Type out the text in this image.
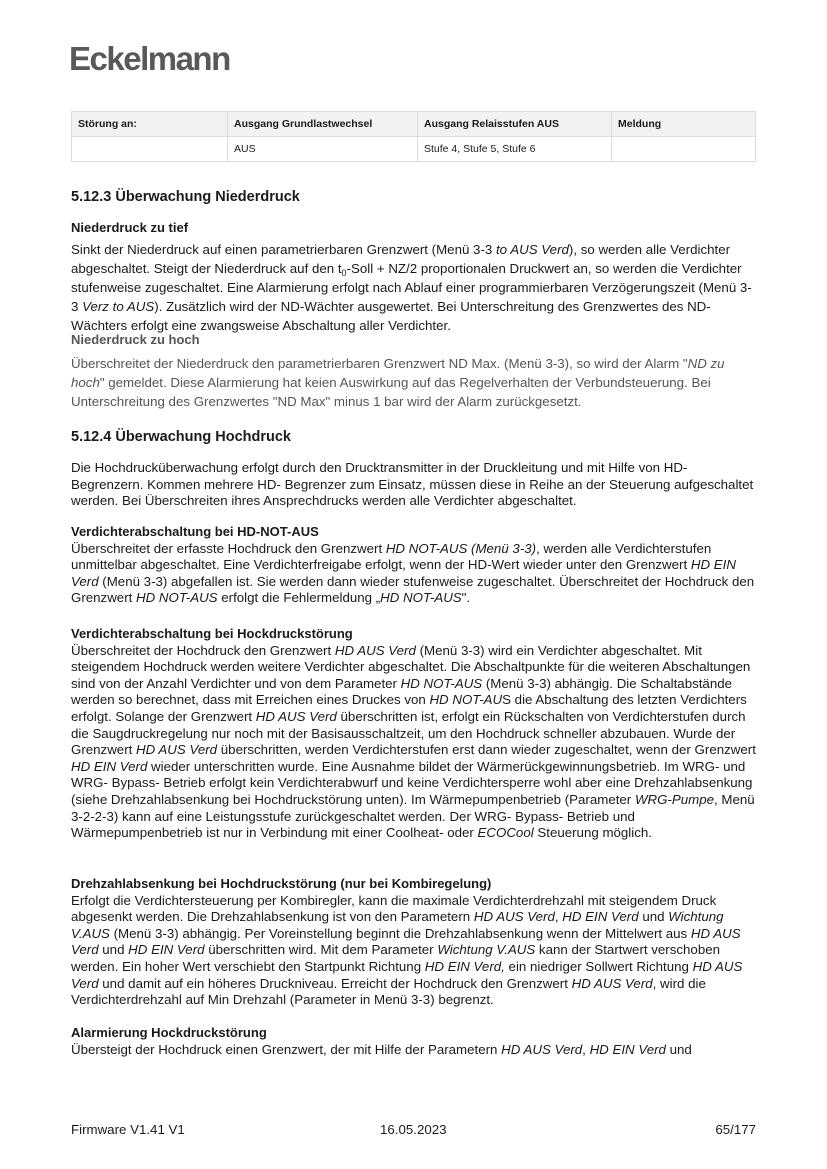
Eckelmann
Störung an:	Ausgang Grundlastwechsel	Ausgang Relaisstufen AUS	Meldung
	AUS	Stufe 4, Stufe 5, Stufe 6	
5.12.3 Überwachung Niederdruck
Niederdruck zu tief
Sinkt der Niederdruck auf einen parametrierbaren Grenzwert (Menü 3-3 to AUS Verd), so werden alle Verdichter abgeschaltet. Steigt der Niederdruck auf den $t_0$-Soll + NZ/2 proportionalen Druckwert an, so werden die Verdichter stufenweise zugeschaltet. Eine Alarmierung erfolgt nach Ablauf einer programmierbaren Verzögerungszeit (Menü 3-3 Verz to AUS). Zusätzlich wird der ND-Wächter ausgewertet. Bei Unterschreitung des Grenzwertes des ND-Wächters erfolgt eine zwangsweise Abschaltung aller Verdichter.
Niederdruck zu hoch
Überschreitet der Niederdruck den parametrierbaren Grenzwert ND Max. (Menü 3-3), so wird der Alarm "ND zu hoch" gemeldet. Diese Alarmierung hat keien Auswirkung auf das Regelverhalten der Verbundsteuerung. Bei Unterschreitung des Grenzwertes "ND Max" minus 1 bar wird der Alarm zurückgesetzt.
5.12.4 Überwachung Hochdruck
Die Hochdrucküberwachung erfolgt durch den Drucktransmitter in der Druckleitung und mit Hilfe von HD-Begrenzern. Kommen mehrere HD- Begrenzer zum Einsatz, müssen diese in Reihe an der Steuerung aufgeschaltet werden. Bei Überschreiten ihres Ansprechdrucks werden alle Verdichter abgeschaltet.
Verdichterabschaltung bei HD-NOT-AUS
Überschreitet der erfasste Hochdruck den Grenzwert HD NOT-AUS (Menü 3-3), werden alle Verdichterstufen unmittelbar abgeschaltet. Eine Verdichterfreigabe erfolgt, wenn der HD-Wert wieder unter den Grenzwert HD EIN Verd (Menü 3-3) abgefallen ist. Sie werden dann wieder stufenweise zugeschaltet. Überschreitet der Hochdruck den Grenzwert HD NOT-AUS erfolgt die Fehlermeldung „HD NOT-AUS".
Verdichterabschaltung bei Hockdruckstörung
Überschreitet der Hochdruck den Grenzwert HD AUS Verd (Menü 3-3) wird ein Verdichter abgeschaltet. Mit steigendem Hochdruck werden weitere Verdichter abgeschaltet. Die Abschaltpunkte für die weiteren Abschaltungen sind von der Anzahl Verdichter und von dem Parameter HD NOT-AUS (Menü 3-3) abhängig. Die Schaltabstände werden so berechnet, dass mit Erreichen eines Druckes von HD NOT-AUS die Abschaltung des letzten Verdichters erfolgt. Solange der Grenzwert HD AUS Verd überschritten ist, erfolgt ein Rückschalten von Verdichterstufen durch die Saugdruckregelung nur noch mit der Basisausschaltzeit, um den Hochdruck schneller abzubauen. Wurde der Grenzwert HD AUS Verd überschritten, werden Verdichterstufen erst dann wieder zugeschaltet, wenn der Grenzwert HD EIN Verd wieder unterschritten wurde. Eine Ausnahme bildet der Wärmerückgewinnungsbetrieb. Im WRG- und WRG- Bypass- Betrieb erfolgt kein Verdichterabwurf und keine Verdichtersperre wohl aber eine Drehzahlabsenkung (siehe Drehzahlabsenkung bei Hochdruckstörung unten). Im Wärmepumpenbetrieb (Parameter WRG-Pumpe, Menü 3-2-2-3) kann auf eine Leistungsstufe zurückgeschaltet werden. Der WRG- Bypass- Betrieb und Wärmepumpenbetrieb ist nur in Verbindung mit einer Coolheat- oder ECOCool Steuerung möglich.
Drehzahlabsenkung bei Hochdruckstörung (nur bei Kombiregelung)
Erfolgt die Verdichtersteuerung per Kombiregler, kann die maximale Verdichterdrehzahl mit steigendem Druck abgesenkt werden. Die Drehzahlabsenkung ist von den Parametern HD AUS Verd, HD EIN Verd und Wichtung V.AUS (Menü 3-3) abhängig. Per Voreinstellung beginnt die Drehzahlabsenkung wenn der Mittelwert aus HD AUS Verd und HD EIN Verd überschritten wird. Mit dem Parameter Wichtung V.AUS kann der Startwert verschoben werden. Ein hoher Wert verschiebt den Startpunkt Richtung HD EIN Verd, ein niedriger Sollwert Richtung HD AUS Verd und damit auf ein höheres Druckniveau. Erreicht der Hochdruck den Grenzwert HD AUS Verd, wird die Verdichterdrehzahl auf Min Drehzahl (Parameter in Menü 3-3) begrenzt.
Alarmierung Hockdruckstörung
Übersteigt der Hochdruck einen Grenzwert, der mit Hilfe der Parametern HD AUS Verd, HD EIN Verd und
Firmware V1.41 V1	16.05.2023	65/177
